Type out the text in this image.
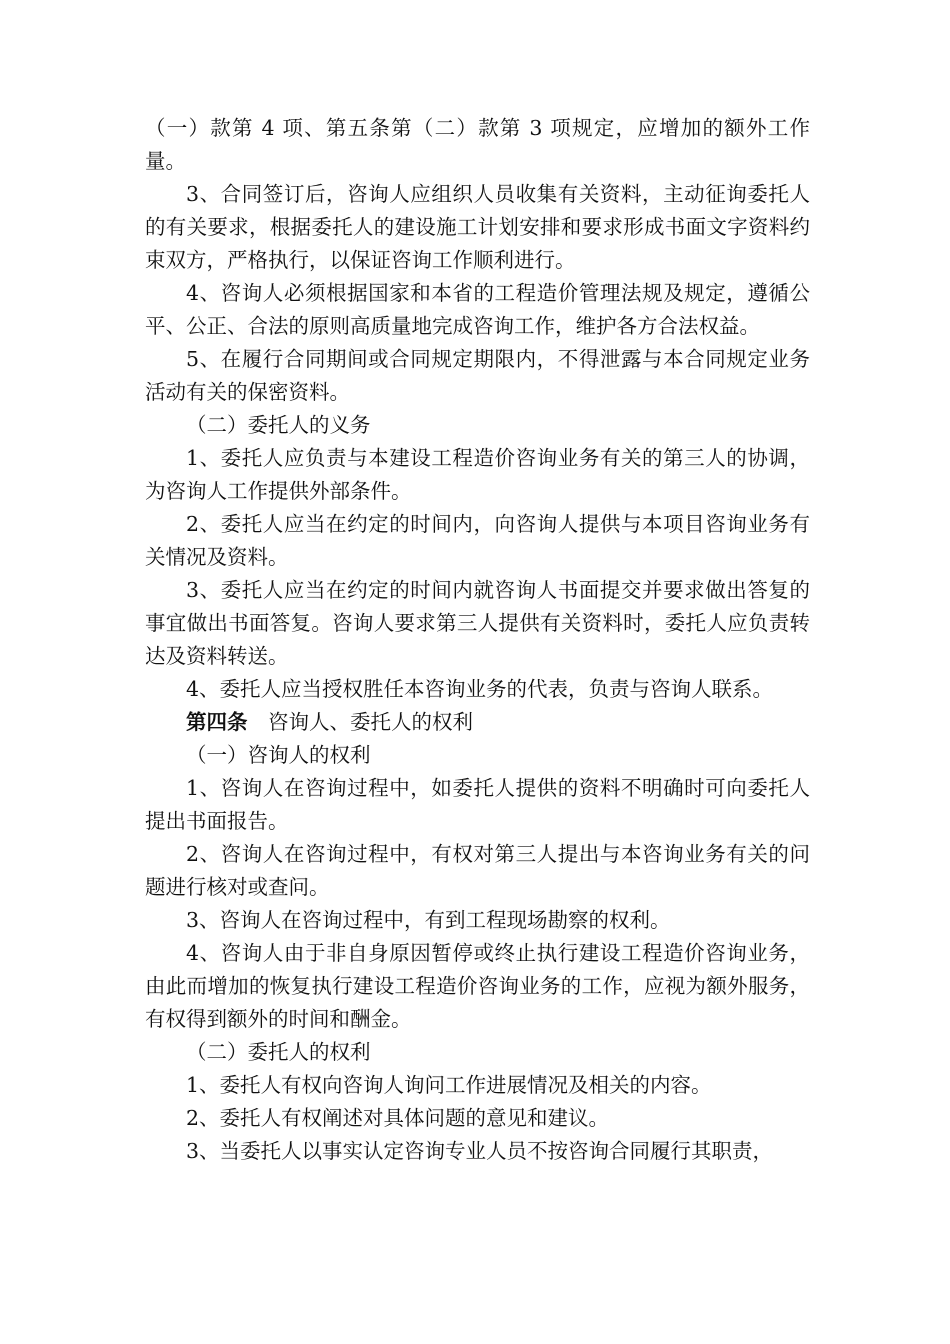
（一）款第 4 项、第五条第（二）款第 3 项规定，应增加的额外工作量。

3、合同签订后，咨询人应组织人员收集有关资料，主动征询委托人的有关要求，根据委托人的建设施工计划安排和要求形成书面文字资料约束双方，严格执行，以保证咨询工作顺利进行。

4、咨询人必须根据国家和本省的工程造价管理法规及规定，遵循公平、公正、合法的原则高质量地完成咨询工作，维护各方合法权益。

5、在履行合同期间或合同规定期限内，不得泄露与本合同规定业务活动有关的保密资料。

（二）委托人的义务

1、委托人应负责与本建设工程造价咨询业务有关的第三人的协调，为咨询人工作提供外部条件。

2、委托人应当在约定的时间内，向咨询人提供与本项目咨询业务有关情况及资料。

3、委托人应当在约定的时间内就咨询人书面提交并要求做出答复的事宜做出书面答复。咨询人要求第三人提供有关资料时，委托人应负责转达及资料转送。

4、委托人应当授权胜任本咨询业务的代表，负责与咨询人联系。

第四条　 咨询人、委托人的权利

（一）咨询人的权利

1、咨询人在咨询过程中，如委托人提供的资料不明确时可向委托人提出书面报告。

2、咨询人在咨询过程中，有权对第三人提出与本咨询业务有关的问题进行核对或查问。

3、咨询人在咨询过程中，有到工程现场勘察的权利。

4、咨询人由于非自身原因暂停或终止执行建设工程造价咨询业务，由此而增加的恢复执行建设工程造价咨询业务的工作，应视为额外服务，有权得到额外的时间和酬金。

（二）委托人的权利

1、委托人有权向咨询人询问工作进展情况及相关的内容。

2、委托人有权阐述对具体问题的意见和建议。

3、当委托人以事实认定咨询专业人员不按咨询合同履行其职责，
